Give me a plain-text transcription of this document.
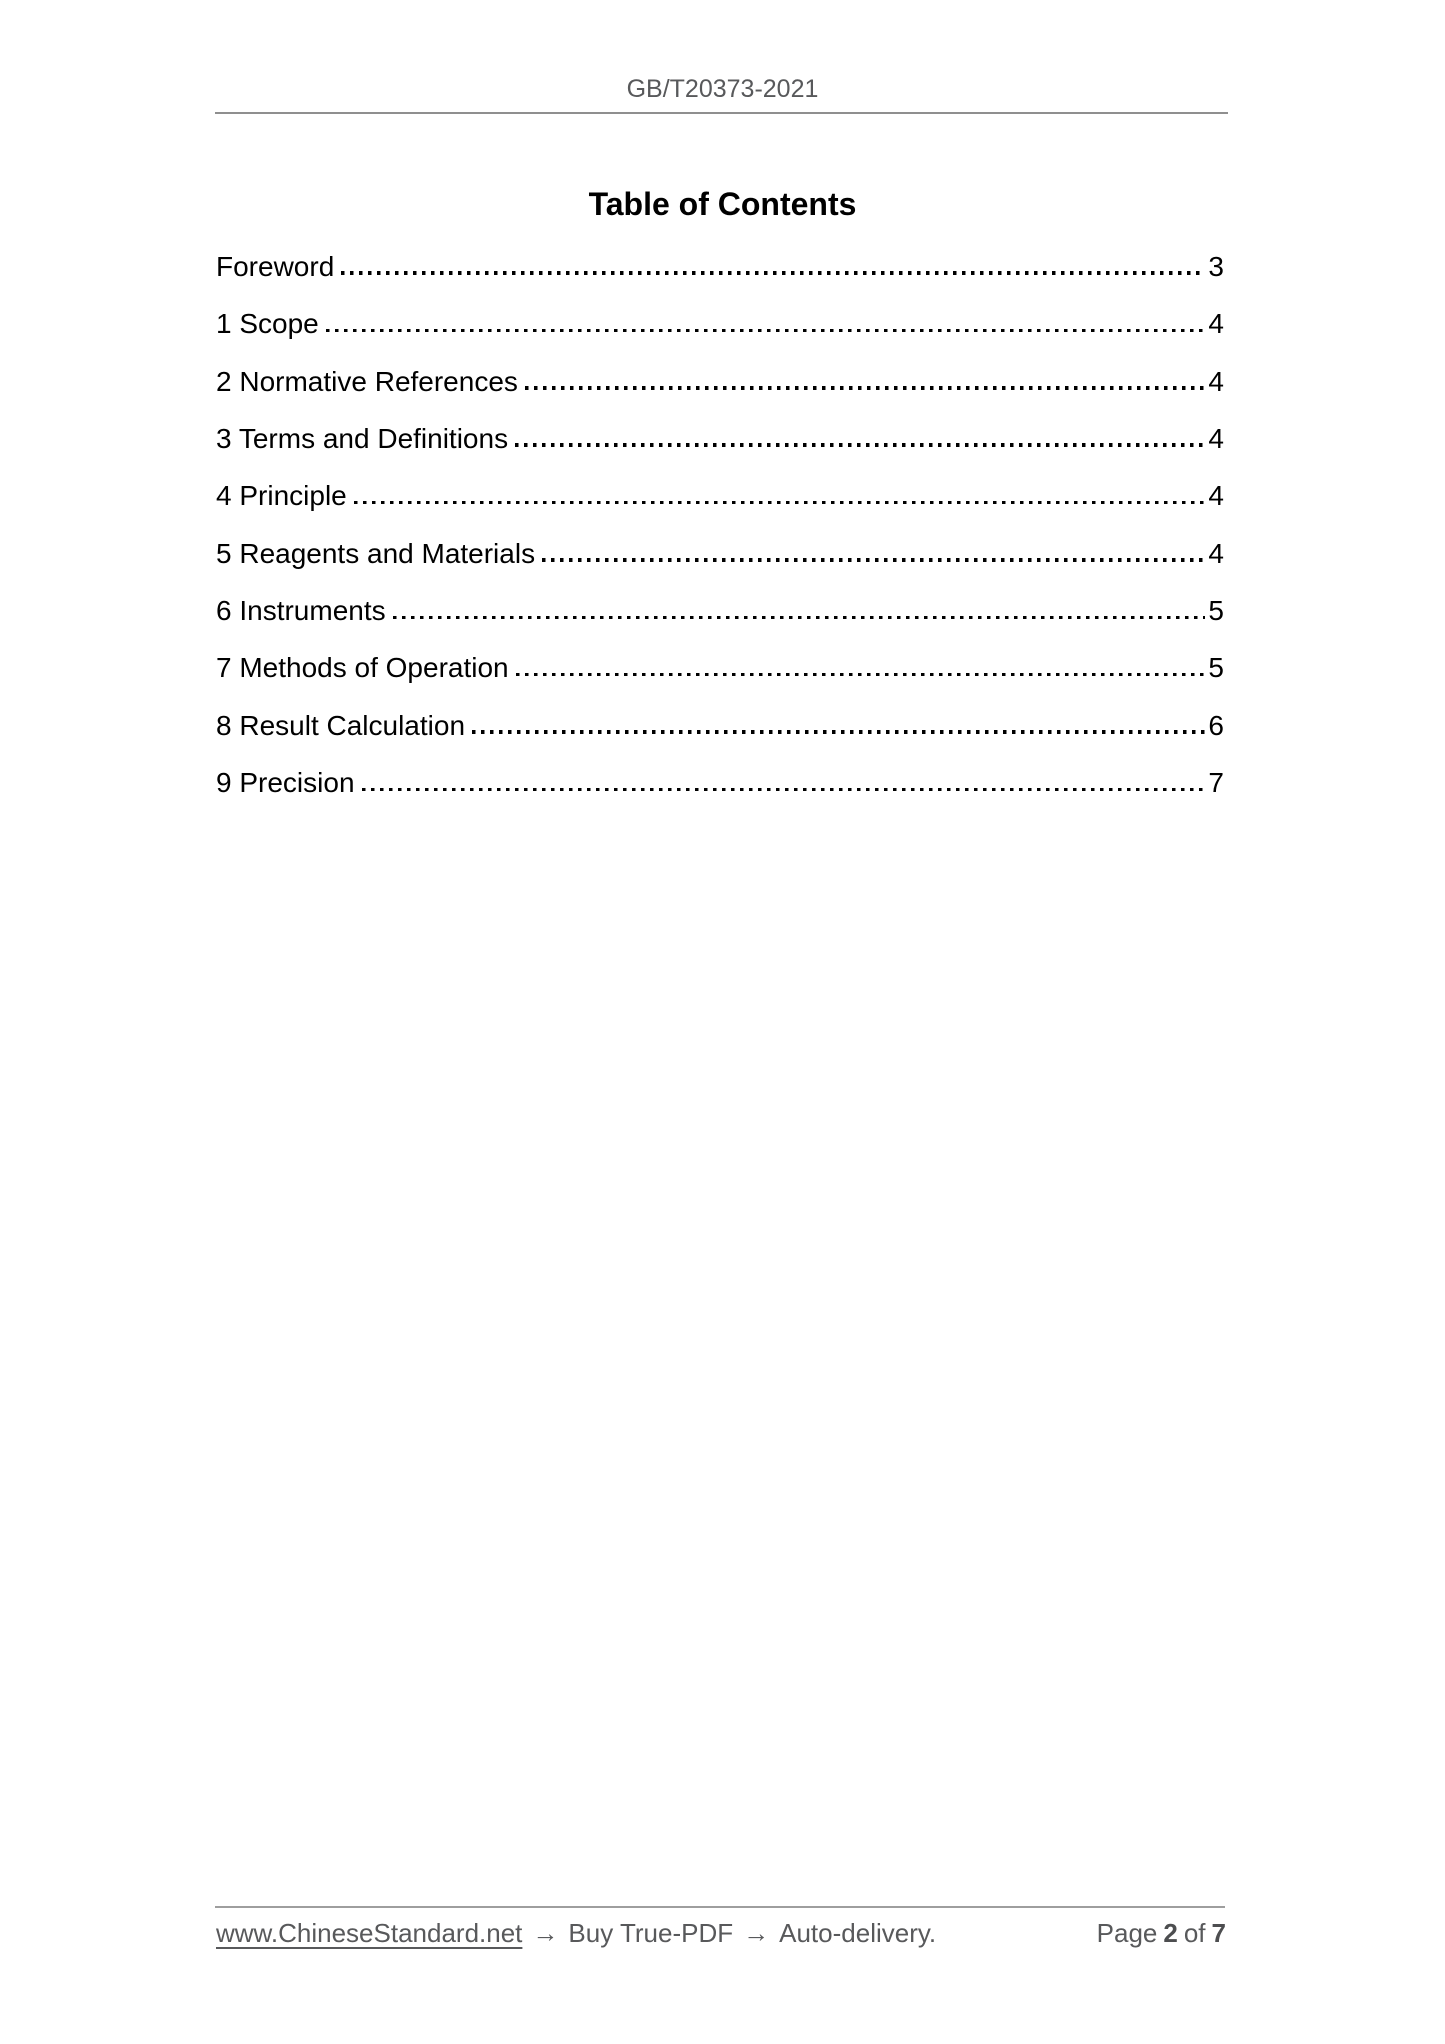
GB/T20373-2021
Table of Contents
Foreword	3
1 Scope	4
2 Normative References	4
3 Terms and Definitions	4
4 Principle	4
5 Reagents and Materials	4
6 Instruments	5
7 Methods of Operation	5
8 Result Calculation	6
9 Precision	7
www.ChineseStandard.net → Buy True-PDF → Auto-delivery.	Page 2 of 7
